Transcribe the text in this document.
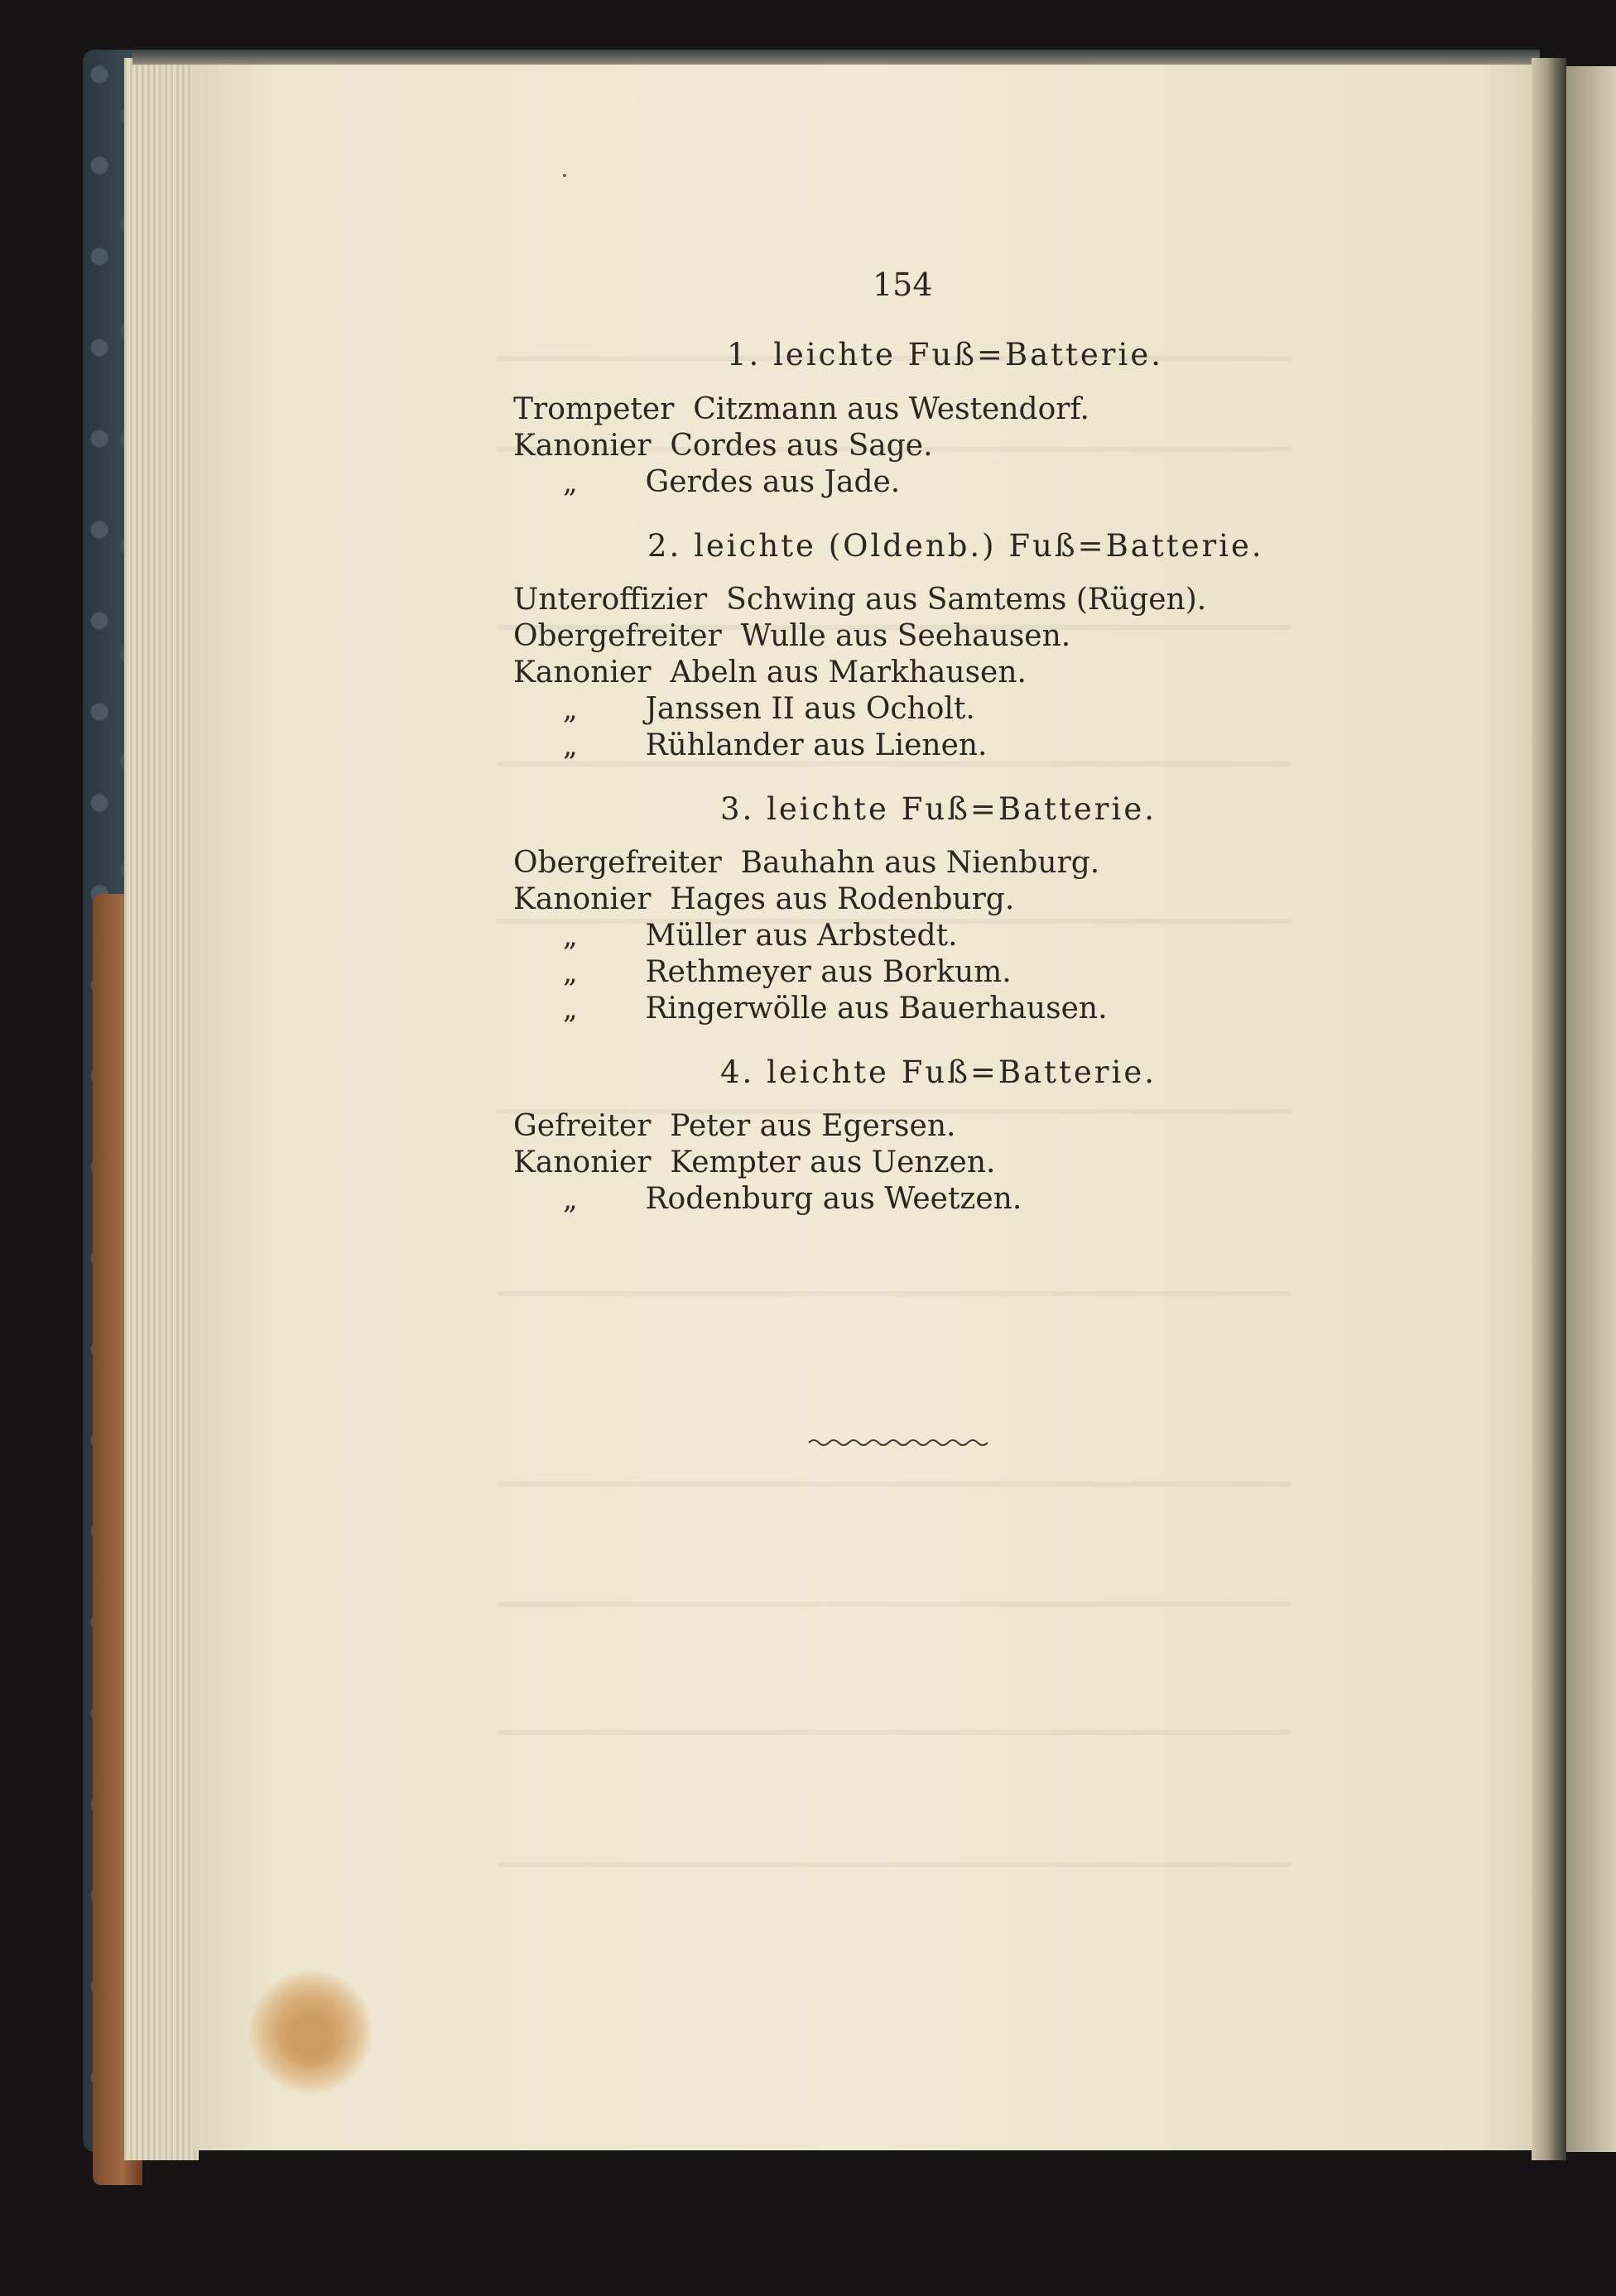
154
1. leichte Fuß=Batterie.
Trompeter  Citzmann aus Westendorf.
Kanonier  Cordes aus Sage.
„ Gerdes aus Jade.
2. leichte (Oldenb.) Fuß=Batterie.
Unteroffizier  Schwing aus Samtems (Rügen).
Obergefreiter  Wulle aus Seehausen.
Kanonier  Abeln aus Markhausen.
„ Janssen II aus Ocholt.
„ Rühlander aus Lienen.
3. leichte Fuß=Batterie.
Obergefreiter  Bauhahn aus Nienburg.
Kanonier  Hages aus Rodenburg.
„ Müller aus Arbstedt.
„ Rethmeyer aus Borkum.
„ Ringerwölle aus Bauerhausen.
4. leichte Fuß=Batterie.
Gefreiter  Peter aus Egersen.
Kanonier  Kempter aus Uenzen.
„ Rodenburg aus Weetzen.
